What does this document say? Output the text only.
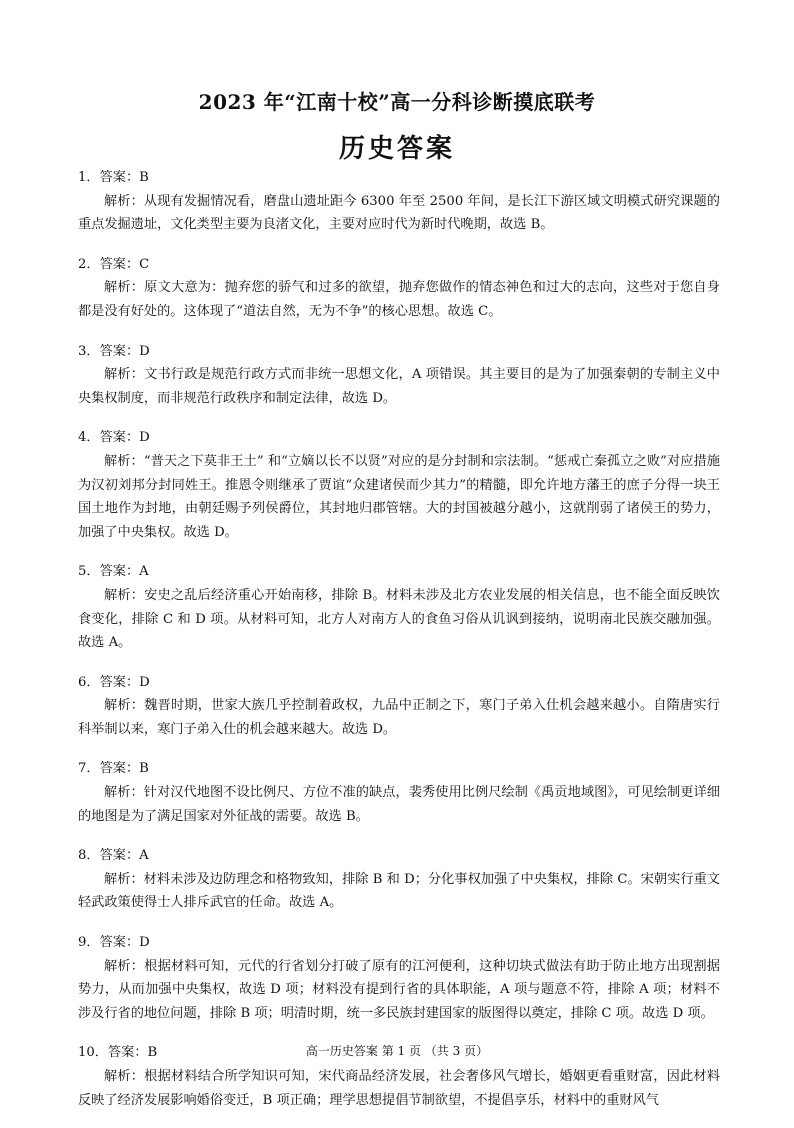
2023 年“江南十校”高一分科诊断摸底联考
历史答案

1．答案：B

解析：从现有发掘情况看，磨盘山遗址距今 6300 年至 2500 年间，是长江下游区域文明模式研究课题的重点发掘遗址，文化类型主要为良渚文化，主要对应时代为新时代晚期，故选 B。

2．答案：C

解析：原文大意为：抛弃您的骄气和过多的欲望，抛弃您做作的情态神色和过大的志向，这些对于您自身都是没有好处的。这体现了“道法自然，无为不争”的核心思想。故选 C。

3．答案：D

解析：文书行政是规范行政方式而非统一思想文化，A 项错误。其主要目的是为了加强秦朝的专制主义中央集权制度，而非规范行政秩序和制定法律，故选 D。

4．答案：D

解析：“普天之下莫非王土” 和“立嫡以长不以贤”对应的是分封制和宗法制。“惩戒亡秦孤立之败”对应措施为汉初刘邦分封同姓王。推恩令则继承了贾谊“众建诸侯而少其力”的精髓，即允许地方藩王的庶子分得一块王国土地作为封地，由朝廷赐予列侯爵位，其封地归郡管辖。大的封国被越分越小，这就削弱了诸侯王的势力，加强了中央集权。故选 D。

5．答案：A

解析：安史之乱后经济重心开始南移，排除 B。材料未涉及北方农业发展的相关信息，也不能全面反映饮食变化，排除 C 和 D 项。从材料可知，北方人对南方人的食鱼习俗从讥讽到接纳，说明南北民族交融加强。故选 A。

6．答案：D

解析：魏晋时期，世家大族几乎控制着政权，九品中正制之下，寒门子弟入仕机会越来越小。自隋唐实行科举制以来，寒门子弟入仕的机会越来越大。故选 D。

7．答案：B

解析：针对汉代地图不设比例尺、方位不准的缺点，裴秀使用比例尺绘制《禹贡地域图》，可见绘制更详细的地图是为了满足国家对外征战的需要。故选 B。

8．答案：A

解析：材料未涉及边防理念和格物致知，排除 B 和 D；分化事权加强了中央集权，排除 C。宋朝实行重文轻武政策使得士人排斥武官的任命。故选 A。

9．答案：D

解析：根据材料可知，元代的行省划分打破了原有的江河便利，这种切块式做法有助于防止地方出现割据势力，从而加强中央集权，故选 D 项；材料没有提到行省的具体职能，A 项与题意不符，排除 A 项；材料不涉及行省的地位问题，排除 B 项；明清时期，统一多民族封建国家的版图得以奠定，排除 C 项。故选 D 项。

10．答案：B

解析：根据材料结合所学知识可知，宋代商品经济发展，社会奢侈风气增长，婚姻更看重财富，因此材料反映了经济发展影响婚俗变迁，B 项正确；理学思想提倡节制欲望，不提倡享乐，材料中的重财风气

高一历史答案 第 1 页 （共 3 页）
